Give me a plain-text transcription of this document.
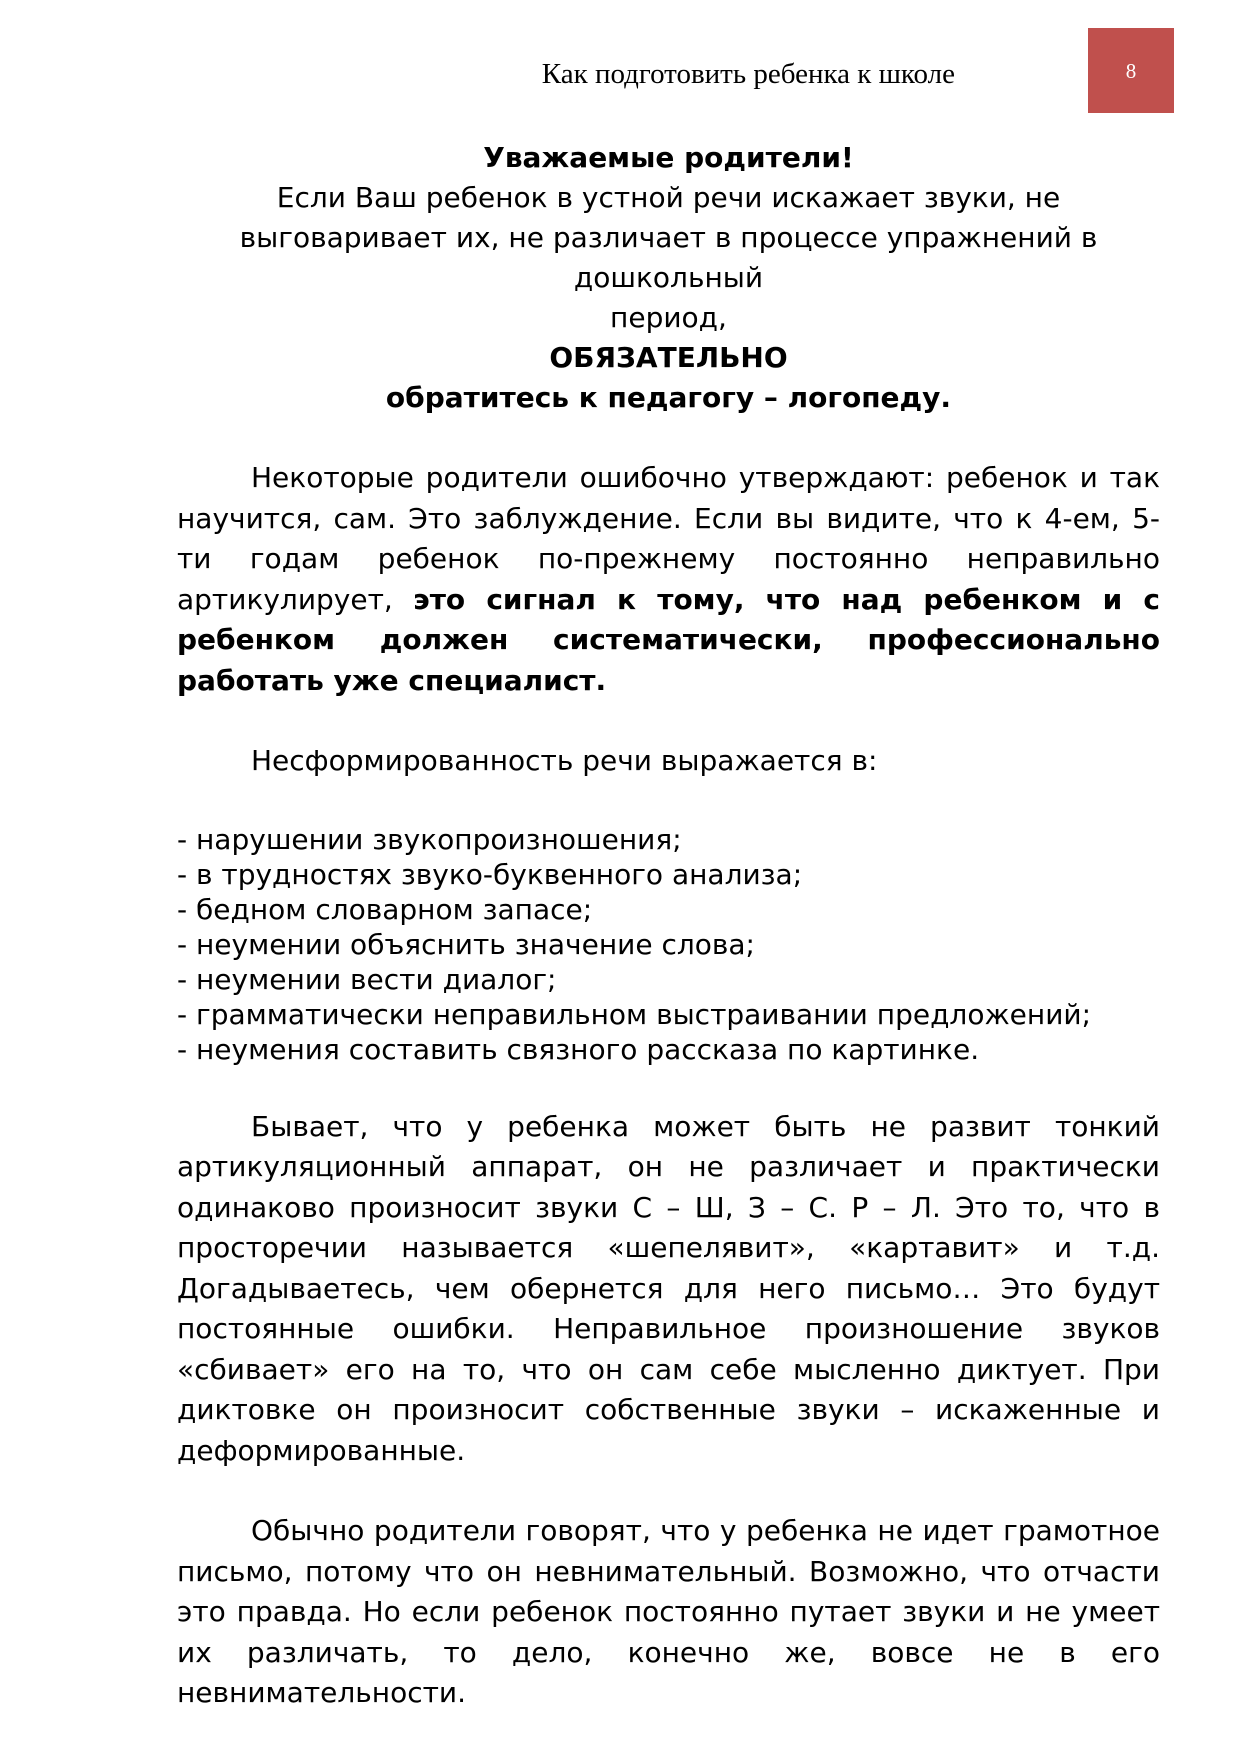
Как подготовить ребенка к школе	8
Уважаемые родители!
Если Ваш ребенок в устной речи искажает звуки, не
выговаривает их, не различает в процессе упражнений в дошкольный
период,
ОБЯЗАТЕЛЬНО
обратитесь к педагогу – логопеду.

Некоторые родители ошибочно утверждают: ребенок и так научится, сам. Это заблуждение. Если вы видите, что к 4-ем, 5-ти годам ребенок по-прежнему постоянно неправильно артикулирует, это сигнал к тому, что над ребенком и с ребенком должен систематически, профессионально работать уже специалист.

Несформированность речи выражается в:

- нарушении звукопроизношения;
- в трудностях звуко-буквенного анализа;
- бедном словарном запасе;
- неумении объяснить значение слова;
- неумении вести диалог;
- грамматически неправильном выстраивании предложений;
- неумения составить связного рассказа по картинке.

Бывает, что у ребенка может быть не развит тонкий артикуляционный аппарат, он не различает и практически одинаково произносит звуки С – Ш, З – С. Р – Л. Это то, что в просторечии называется «шепелявит», «картавит» и т.д. Догадываетесь, чем обернется для него письмо… Это будут постоянные ошибки. Неправильное произношение звуков «сбивает» его на то, что он сам себе мысленно диктует. При диктовке он произносит собственные звуки – искаженные и деформированные.

Обычно родители говорят, что у ребенка не идет грамотное письмо, потому что он невнимательный. Возможно, что отчасти это правда. Но если ребенок постоянно путает звуки и не умеет их различать, то дело, конечно же, вовсе не в его невнимательности.
